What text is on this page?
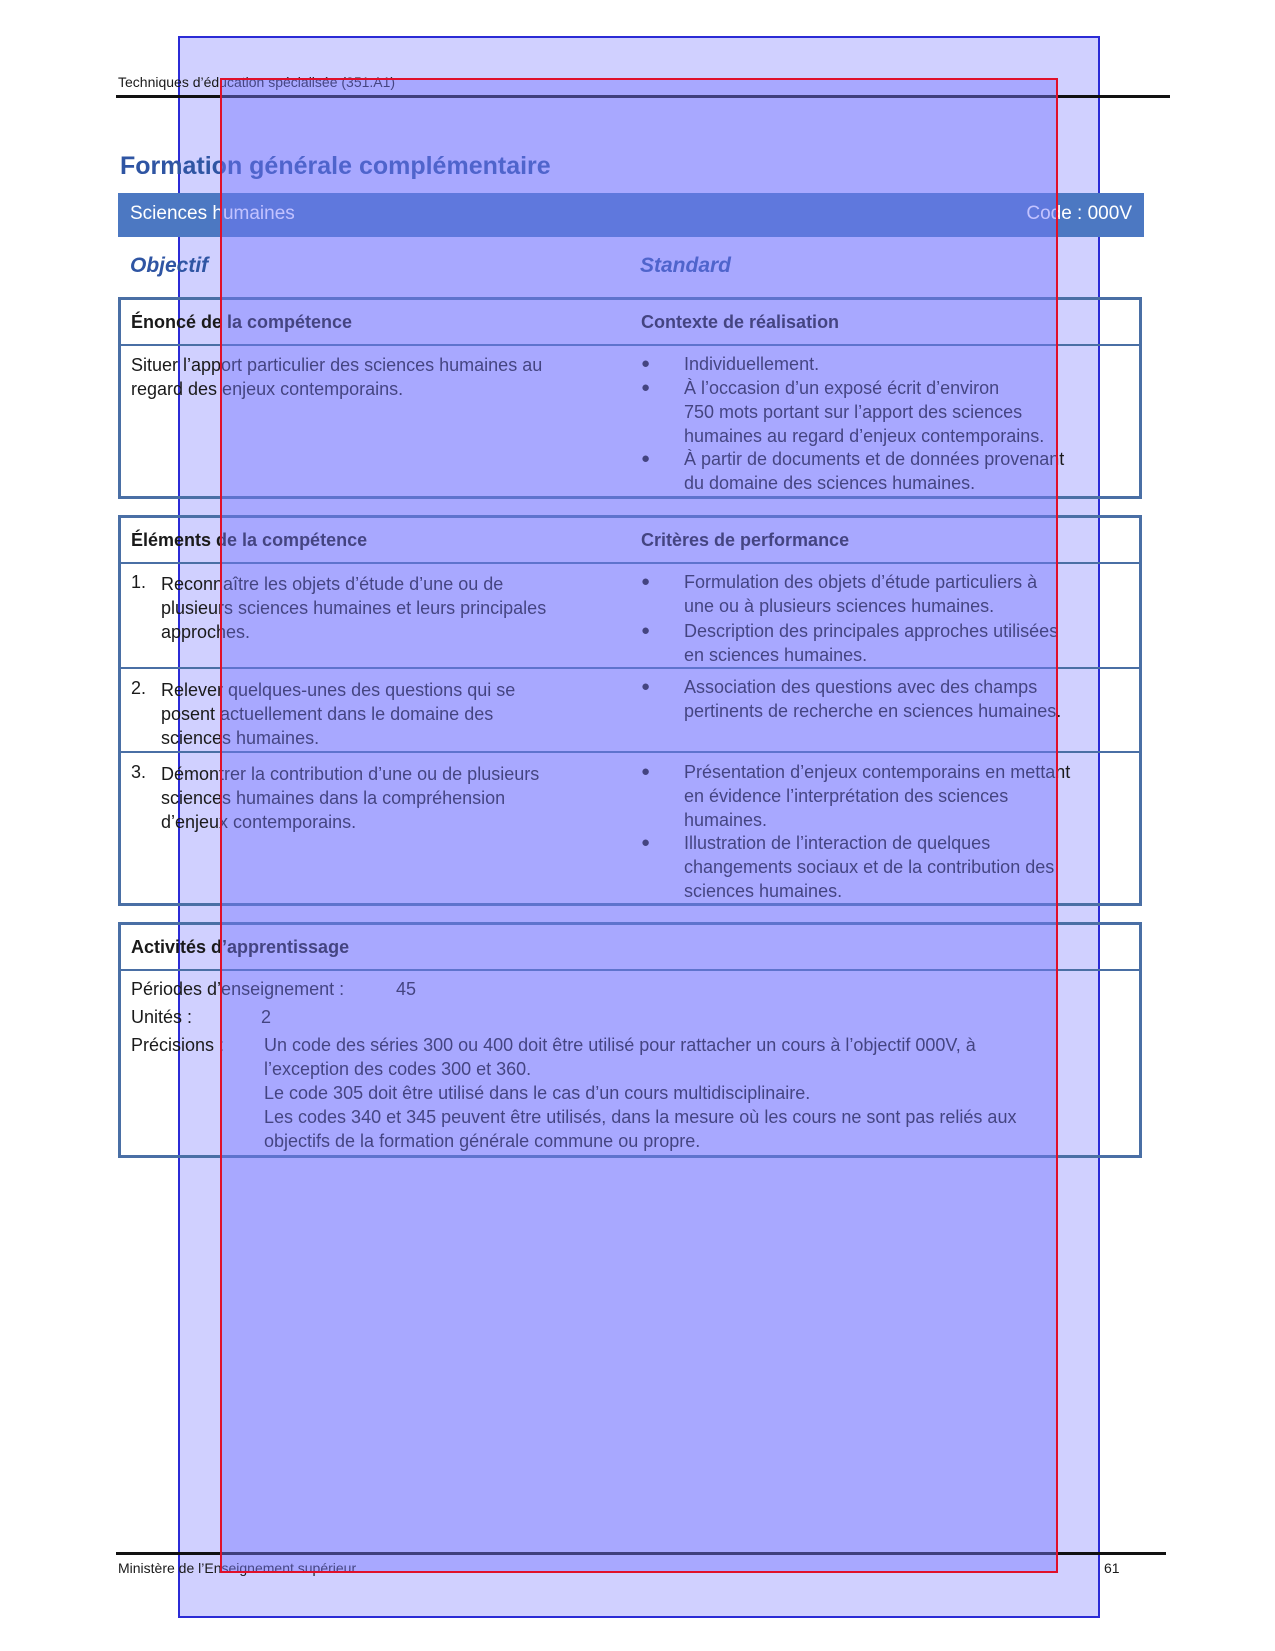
Techniques d’éducation spécialisée (351.A1)
Formation générale complémentaire
Sciences humaines	Code : 000V
Objectif	Standard
Énoncé de la compétence	Contexte de réalisation
Situer l’apport particulier des sciences humaines au
regard des enjeux contemporains.
● Individuellement.
● À l’occasion d’un exposé écrit d’environ
750 mots portant sur l’apport des sciences
humaines au regard d’enjeux contemporains.
● À partir de documents et de données provenant
du domaine des sciences humaines.
Éléments de la compétence	Critères de performance
1. Reconnaître les objets d’étude d’une ou de
plusieurs sciences humaines et leurs principales
approches.
● Formulation des objets d’étude particuliers à
une ou à plusieurs sciences humaines.
● Description des principales approches utilisées
en sciences humaines.
2. Relever quelques-unes des questions qui se
posent actuellement dans le domaine des
sciences humaines.
● Association des questions avec des champs
pertinents de recherche en sciences humaines.
3. Démontrer la contribution d’une ou de plusieurs
sciences humaines dans la compréhension
d’enjeux contemporains.
● Présentation d’enjeux contemporains en mettant
en évidence l’interprétation des sciences
humaines.
● Illustration de l’interaction de quelques
changements sociaux et de la contribution des
sciences humaines.
Activités d’apprentissage
Périodes d’enseignement :	45
Unités :	2
Précisions : Un code des séries 300 ou 400 doit être utilisé pour rattacher un cours à l’objectif 000V, à
l’exception des codes 300 et 360.
Le code 305 doit être utilisé dans le cas d’un cours multidisciplinaire.
Les codes 340 et 345 peuvent être utilisés, dans la mesure où les cours ne sont pas reliés aux
objectifs de la formation générale commune ou propre.
Ministère de l’Enseignement supérieur	61
